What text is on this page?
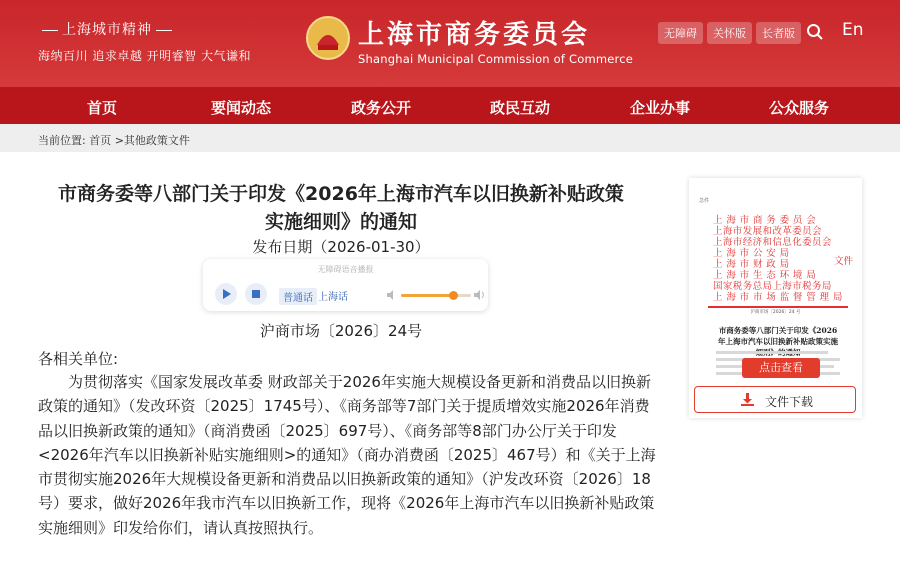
上海城市精神
海纳百川 追求卓越 开明睿智 大气谦和
上海市商务委员会
Shanghai Municipal Commission of Commerce
无障碍	关怀版	长者版	En
首页	要闻动态	政务公开	政民互动	企业办事	公众服务
当前位置: 首页 >其他政策文件
市商务委等八部门关于印发《2026年上海市汽车以旧换新补贴政策
实施细则》的通知
发布日期（2026-01-30）
无障碍语音播报
普通话 上海话
沪商市场〔2026〕24号
各相关单位:
为贯彻落实《国家发展改革委 财政部关于2026年实施大规模设备更新和消费品以旧换新政策的通知》（发改环资〔2025〕1745号）、《商务部等7部门关于提质增效实施2026年消费品以旧换新政策的通知》（商消费函〔2025〕697号）、《商务部等8部门办公厅关于印发<2026年汽车以旧换新补贴实施细则>的通知》（商办消费函〔2025〕467号）和《关于上海市贯彻实施2026年大规模设备更新和消费品以旧换新政策的通知》（沪发改环资〔2026〕18号）要求，做好2026年我市汽车以旧换新工作，现将《2026年上海市汽车以旧换新补贴政策实施细则》印发给你们，请认真按照执行。
急件
上 海 市 商 务 委 员 会
上海市发展和改革委员会
上海市经济和信息化委员会
上 海 市 公 安 局
上 海 市 财 政 局
上 海 市 生 态 环 境 局
国家税务总局上海市税务局
上 海 市 市 场 监 督 管 理 局
文件
沪商市场〔2026〕24 号
市商务委等八部门关于印发《2026年上海市汽车以旧换新补贴政策实施
点击查看
文件下载
